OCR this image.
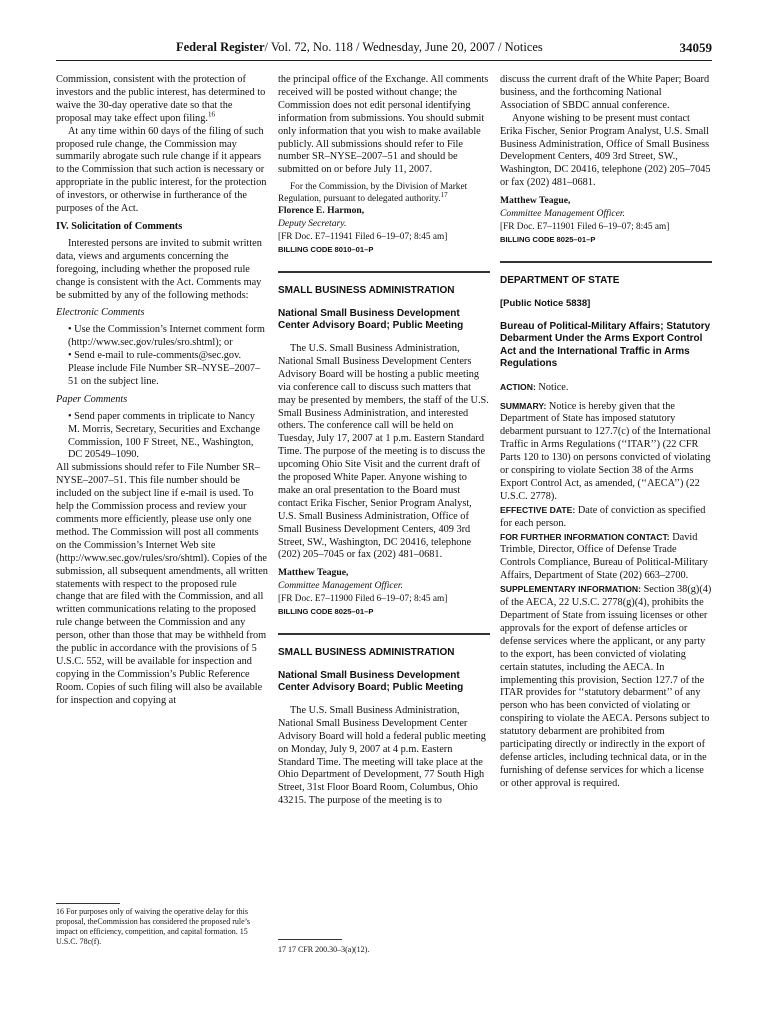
Federal Register/ Vol. 72, No. 118 / Wednesday, June 20, 2007 / Notices	34059

Commission, consistent with the protection of investors and the public interest, has determined to waive the 30-day operative date so that the proposal may take effect upon filing.$^{16}$

At any time within 60 days of the filing of such proposed rule change, the Commission may summarily abrogate such rule change if it appears to the Commission that such action is necessary or appropriate in the public interest, for the protection of investors, or otherwise in furtherance of the purposes of the Act.

IV. Solicitation of Comments

Interested persons are invited to submit written data, views and arguments concerning the foregoing, including whether the proposed rule change is consistent with the Act. Comments may be submitted by any of the following methods:

Electronic Comments

• Use the Commission’s Internet comment form (http://www.sec.gov/rules/sro.shtml); or

• Send e-mail to rule-comments@sec.gov. Please include File Number SR–NYSE–2007–51 on the subject line.

Paper Comments

• Send paper comments in triplicate to Nancy M. Morris, Secretary, Securities and Exchange Commission, 100 F Street, NE., Washington, DC 20549–1090.

All submissions should refer to File Number SR–NYSE–2007–51. This file number should be included on the subject line if e-mail is used. To help the Commission process and review your comments more efficiently, please use only one method. The Commission will post all comments on the Commission’s Internet Web site (http://www.sec.gov/rules/sro/shtml). Copies of the submission, all subsequent amendments, all written statements with respect to the proposed rule change that are filed with the Commission, and all written communications relating to the proposed rule change between the Commission and any person, other than those that may be withheld from the public in accordance with the provisions of 5 U.S.C. 552, will be available for inspection and copying in the Commission’s Public Reference Room. Copies of such filing will also be available for inspection and copying at

16 For purposes only of waiving the operative delay for this proposal, theCommission has considered the proposed rule’s impact on efficiency, competition, and capital formation. 15 U.S.C. 78c(f).

the principal office of the Exchange. All comments received will be posted without change; the Commission does not edit personal identifying information from submissions. You should submit only information that you wish to make available publicly. All submissions should refer to File number SR–NYSE–2007–51 and should be submitted on or before July 11, 2007.

For the Commission, by the Division of Market Regulation, pursuant to delegated authority.$^{17}$

Florence E. Harmon,

Deputy Secretary.

[FR Doc. E7–11941 Filed 6–19–07; 8:45 am]

BILLING CODE 8010–01–P

SMALL BUSINESS ADMINISTRATION

National Small Business Development Center Advisory Board; Public Meeting

The U.S. Small Business Administration, National Small Business Development Centers Advisory Board will be hosting a public meeting via conference call to discuss such matters that may be presented by members, the staff of the U.S. Small Business Administration, and interested others. The conference call will be held on Tuesday, July 17, 2007 at 1 p.m. Eastern Standard Time. The purpose of the meeting is to discuss the upcoming Ohio Site Visit and the current draft of the proposed White Paper. Anyone wishing to make an oral presentation to the Board must contact Erika Fischer, Senior Program Analyst, U.S. Small Business Administration, Office of Small Business Development Centers, 409 3rd Street, SW., Washington, DC 20416, telephone (202) 205–7045 or fax (202) 481–0681.

Matthew Teague,

Committee Management Officer.

[FR Doc. E7–11900 Filed 6–19–07; 8:45 am]

BILLING CODE 8025–01–P

SMALL BUSINESS ADMINISTRATION

National Small Business Development Center Advisory Board; Public Meeting

The U.S. Small Business Administration, National Small Business Development Center Advisory Board will hold a federal public meeting on Monday, July 9, 2007 at 4 p.m. Eastern Standard Time. The meeting will take place at the Ohio Department of Development, 77 South High Street, 31st Floor Board Room, Columbus, Ohio 43215. The purpose of the meeting is to

17 17 CFR 200.30–3(a)(12).

discuss the current draft of the White Paper; Board business, and the forthcoming National Association of SBDC annual conference.

Anyone wishing to be present must contact Erika Fischer, Senior Program Analyst, U.S. Small Business Administration, Office of Small Business Development Centers, 409 3rd Street, SW., Washington, DC 20416, telephone (202) 205–7045 or fax (202) 481–0681.

Matthew Teague,

Committee Management Officer.

[FR Doc. E7–11901 Filed 6–19–07; 8:45 am]

BILLING CODE 8025–01–P

DEPARTMENT OF STATE

[Public Notice 5838]

Bureau of Political-Military Affairs; Statutory Debarment Under the Arms Export Control Act and the International Traffic in Arms Regulations

ACTION: Notice.

SUMMARY: Notice is hereby given that the Department of State has imposed statutory debarment pursuant to 127.7(c) of the International Traffic in Arms Regulations (‘‘ITAR’’) (22 CFR Parts 120 to 130) on persons convicted of violating or conspiring to violate Section 38 of the Arms Export Control Act, as amended, (‘‘AECA’’) (22 U.S.C. 2778).

EFFECTIVE DATE: Date of conviction as specified for each person.

FOR FURTHER INFORMATION CONTACT: David Trimble, Director, Office of Defense Trade Controls Compliance, Bureau of Political-Military Affairs, Department of State (202) 663–2700.

SUPPLEMENTARY INFORMATION: Section 38(g)(4) of the AECA, 22 U.S.C. 2778(g)(4), prohibits the Department of State from issuing licenses or other approvals for the export of defense articles or defense services where the applicant, or any party to the export, has been convicted of violating certain statutes, including the AECA. In implementing this provision, Section 127.7 of the ITAR provides for ‘‘statutory debarment’’ of any person who has been convicted of violating or conspiring to violate the AECA. Persons subject to statutory debarment are prohibited from participating directly or indirectly in the export of defense articles, including technical data, or in the furnishing of defense services for which a license or other approval is required.
